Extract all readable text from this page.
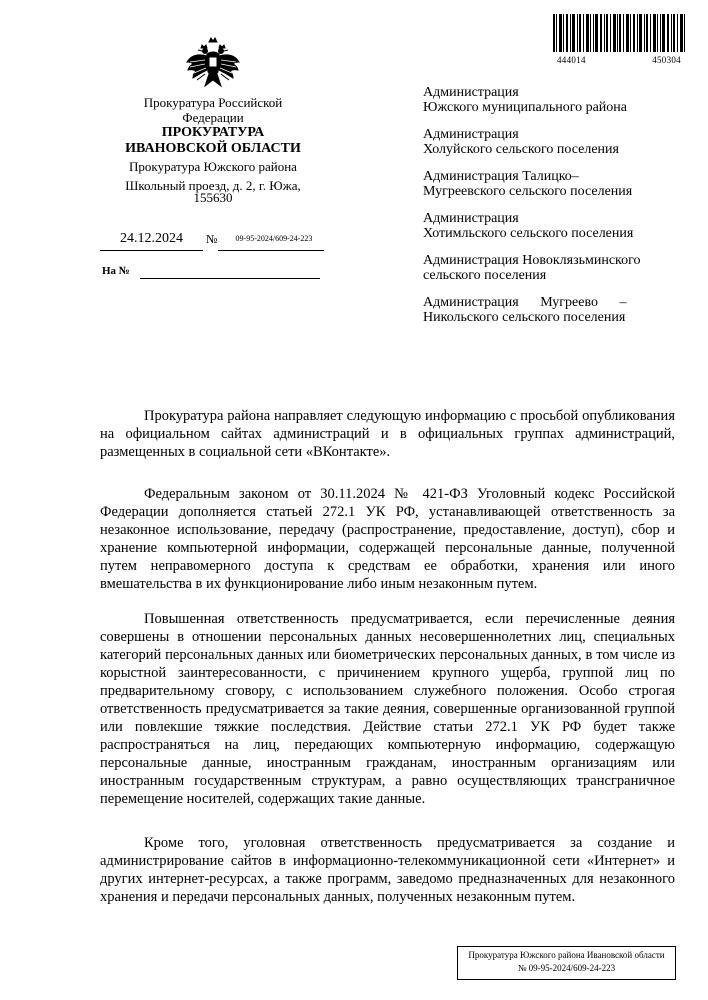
444014	450304
Прокуратура Российской
Федерации
ПРОКУРАТУРА
ИВАНОВСКОЙ ОБЛАСТИ
Прокуратура Южского района
Школьный проезд, д. 2, г. Южа,
155630
24.12.2024	№	09-95-2024/609-24-223
На №
Администрация
Южского муниципального района
Администрация
Холуйского сельского поселения
Администрация Талицко–
Мугреевского сельского поселения
Администрация
Хотимльского сельского поселения
Администрация Новоклязьминского
сельского поселения
Администрация Мугреево –
Никольского сельского поселения

Прокуратура района направляет следующую информацию с просьбой опубликования на официальном сайтах администраций и в официальных группах администраций, размещенных в социальной сети «ВКонтакте».

Федеральным законом от 30.11.2024 № 421-ФЗ Уголовный кодекс Российской Федерации дополняется статьей 272.1 УК РФ, устанавливающей ответственность за незаконное использование, передачу (распространение, предоставление, доступ), сбор и хранение компьютерной информации, содержащей персональные данные, полученной путем неправомерного доступа к средствам ее обработки, хранения или иного вмешательства в их функционирование либо иным незаконным путем.

Повышенная ответственность предусматривается, если перечисленные деяния совершены в отношении персональных данных несовершеннолетних лиц, специальных категорий персональных данных или биометрических персональных данных, в том числе из корыстной заинтересованности, с причинением крупного ущерба, группой лиц по предварительному сговору, с использованием служебного положения. Особо строгая ответственность предусматривается за такие деяния, совершенные организованной группой или повлекшие тяжкие последствия. Действие статьи 272.1 УК РФ будет также распространяться на лиц, передающих компьютерную информацию, содержащую персональные данные, иностранным гражданам, иностранным организациям или иностранным государственным структурам, а равно осуществляющих трансграничное перемещение носителей, содержащих такие данные.

Кроме того, уголовная ответственность предусматривается за создание и администрирование сайтов в информационно-телекоммуникационной сети «Интернет» и других интернет-ресурсах, а также программ, заведомо предназначенных для незаконного хранения и передачи персональных данных, полученных незаконным путем.

Прокуратура Южского района Ивановской области
№ 09-95-2024/609-24-223
